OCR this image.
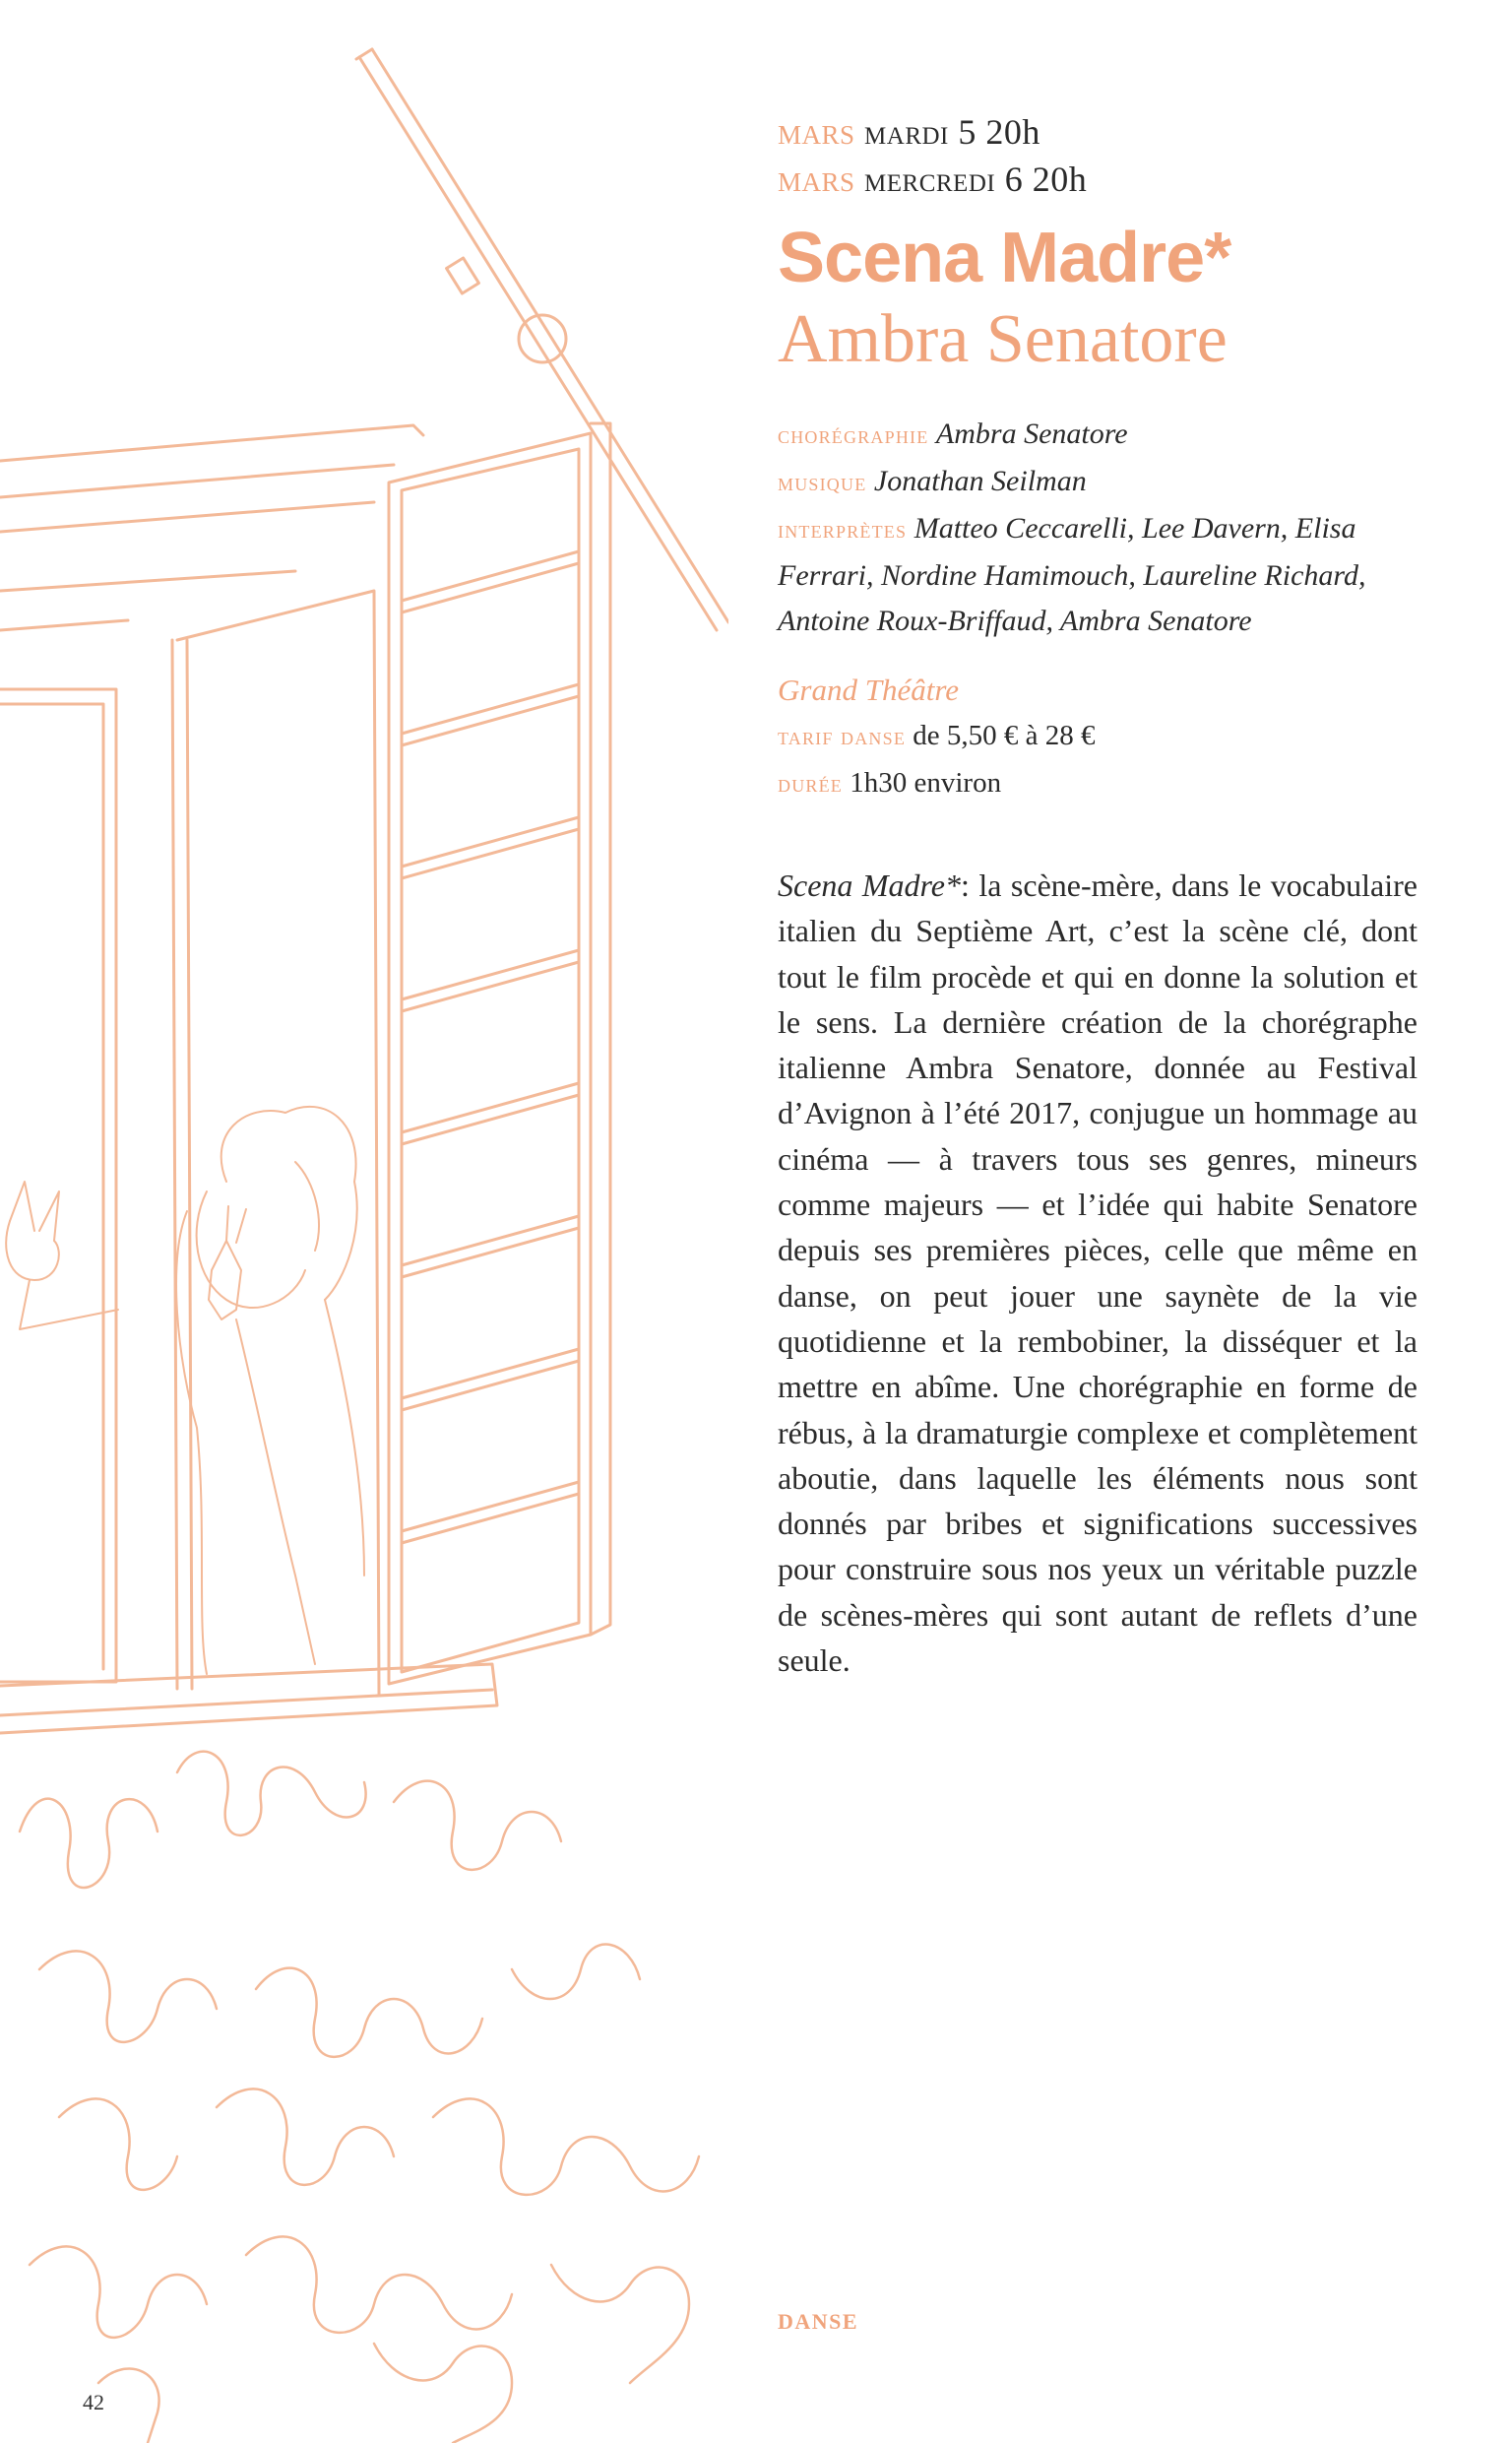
mars mardi 5 20h
mars mercredi 6 20h
Scena Madre*
Ambra Senatore
chorégraphie Ambra Senatore
musique Jonathan Seilman
interprètes Matteo Ceccarelli, Lee Davern, Elisa Ferrari, Nordine Hamimouch, Laureline Richard, Antoine Roux-Briffaud, Ambra Senatore
Grand Théâtre
tarif danse de 5,50 € à 28 €
durée 1h30 environ
Scena Madre*: la scène-mère, dans le vocabulaire italien du Septième Art, c’est la scène clé, dont tout le film procède et qui en donne la solution et le sens. La dernière création de la chorégraphe italienne Ambra Senatore, donnée au Festival d’Avignon à l’été 2017, conjugue un hommage au cinéma — à travers tous ses genres, mineurs comme majeurs — et l’idée qui habite Senatore depuis ses premières pièces, celle que même en danse, on peut jouer une saynète de la vie quotidienne et la rembobiner, la disséquer et la mettre en abîme. Une chorégraphie en forme de rébus, à la dramaturgie complexe et complètement aboutie, dans laquelle les éléments nous sont donnés par bribes et significations successives pour construire sous nos yeux un véritable puzzle de scènes-mères qui sont autant de reflets d’une seule.
danse
42
